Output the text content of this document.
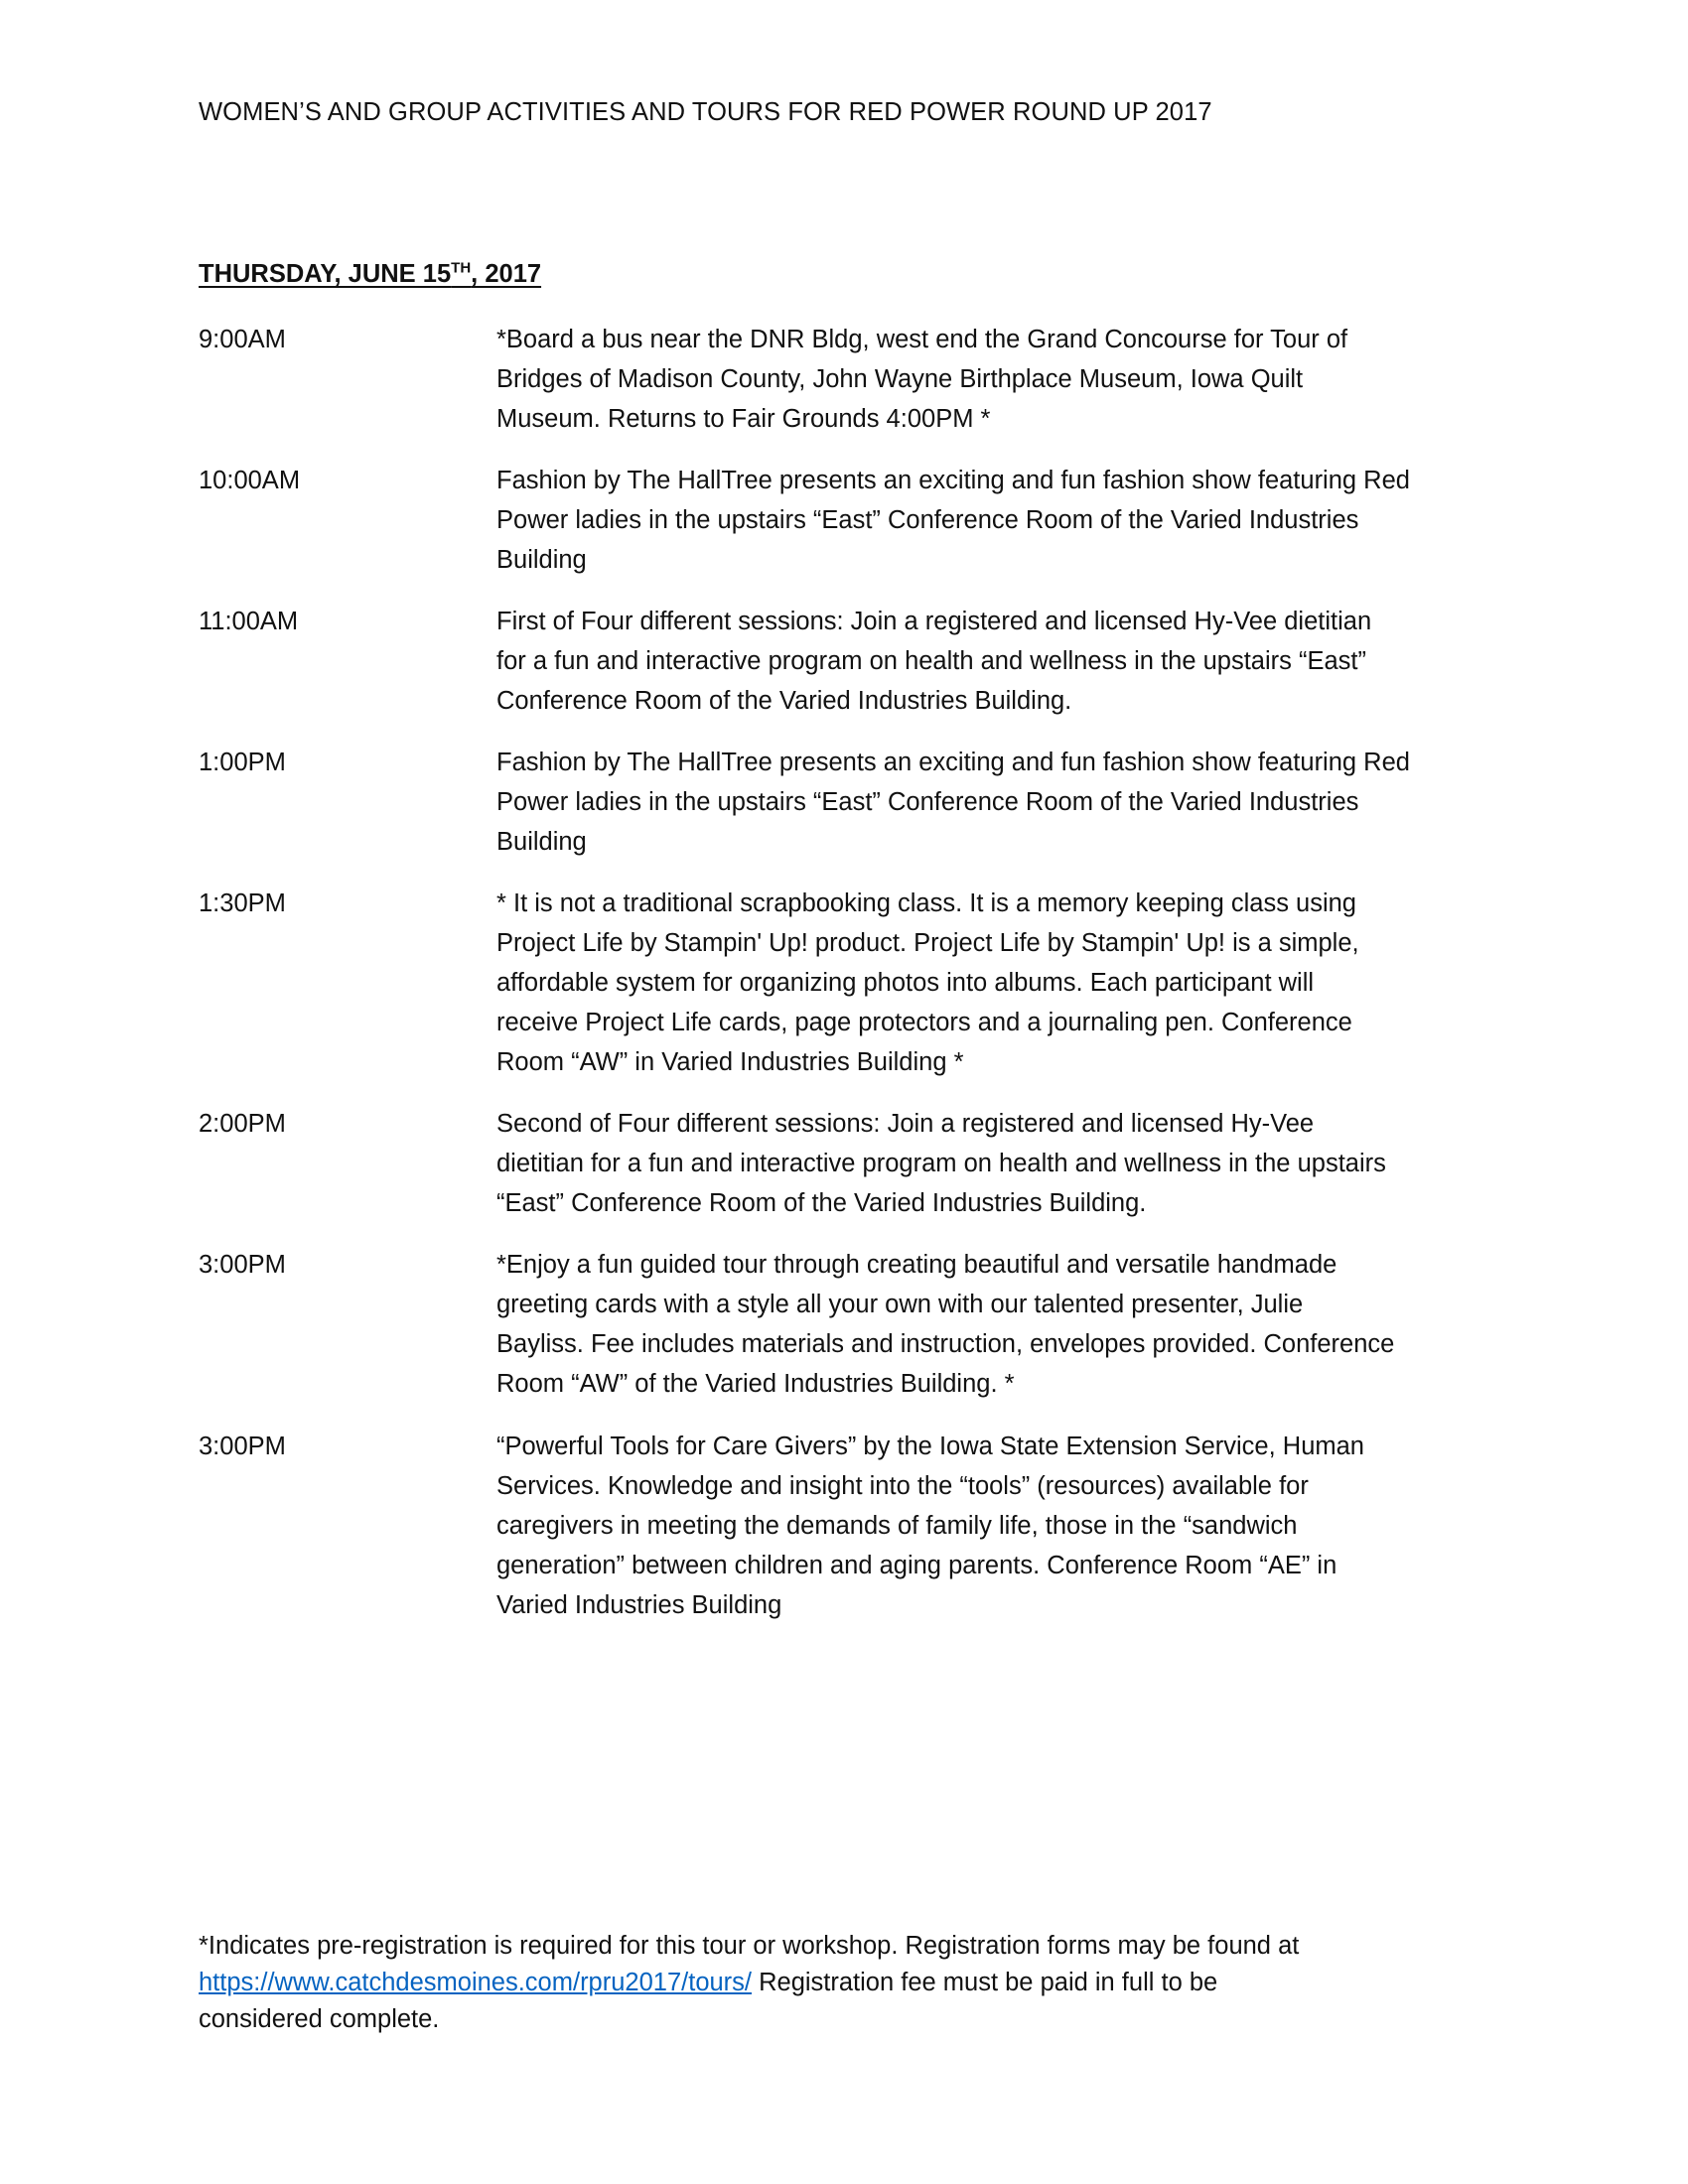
WOMEN’S AND GROUP ACTIVITIES AND TOURS FOR RED POWER ROUND UP 2017
THURSDAY, JUNE 15TH, 2017
9:00AM	*Board a bus near the DNR Bldg, west end the Grand Concourse for Tour of
Bridges of Madison County, John Wayne Birthplace Museum, Iowa Quilt
Museum. Returns to Fair Grounds 4:00PM *
10:00AM	Fashion by The HallTree presents an exciting and fun fashion show featuring Red
Power ladies in the upstairs “East” Conference Room of the Varied Industries
Building
11:00AM	First of Four different sessions: Join a registered and licensed Hy-Vee dietitian
for a fun and interactive program on health and wellness in the upstairs “East”
Conference Room of the Varied Industries Building.
1:00PM	Fashion by The HallTree presents an exciting and fun fashion show featuring Red
Power ladies in the upstairs “East” Conference Room of the Varied Industries
Building
1:30PM	* It is not a traditional scrapbooking class. It is a memory keeping class using
Project Life by Stampin' Up! product. Project Life by Stampin' Up! is a simple,
affordable system for organizing photos into albums. Each participant will
receive Project Life cards, page protectors and a journaling pen. Conference
Room “AW” in Varied Industries Building *
2:00PM	Second of Four different sessions: Join a registered and licensed Hy-Vee
dietitian for a fun and interactive program on health and wellness in the upstairs
“East” Conference Room of the Varied Industries Building.
3:00PM	*Enjoy a fun guided tour through creating beautiful and versatile handmade
greeting cards with a style all your own with our talented presenter, Julie
Bayliss. Fee includes materials and instruction, envelopes provided. Conference
Room “AW” of the Varied Industries Building. *
3:00PM	“Powerful Tools for Care Givers” by the Iowa State Extension Service, Human
Services. Knowledge and insight into the “tools” (resources) available for
caregivers in meeting the demands of family life, those in the “sandwich
generation” between children and aging parents. Conference Room “AE” in
Varied Industries Building
*Indicates pre-registration is required for this tour or workshop. Registration forms may be found at
https://www.catchdesmoines.com/rpru2017/tours/ Registration fee must be paid in full to be
considered complete.
